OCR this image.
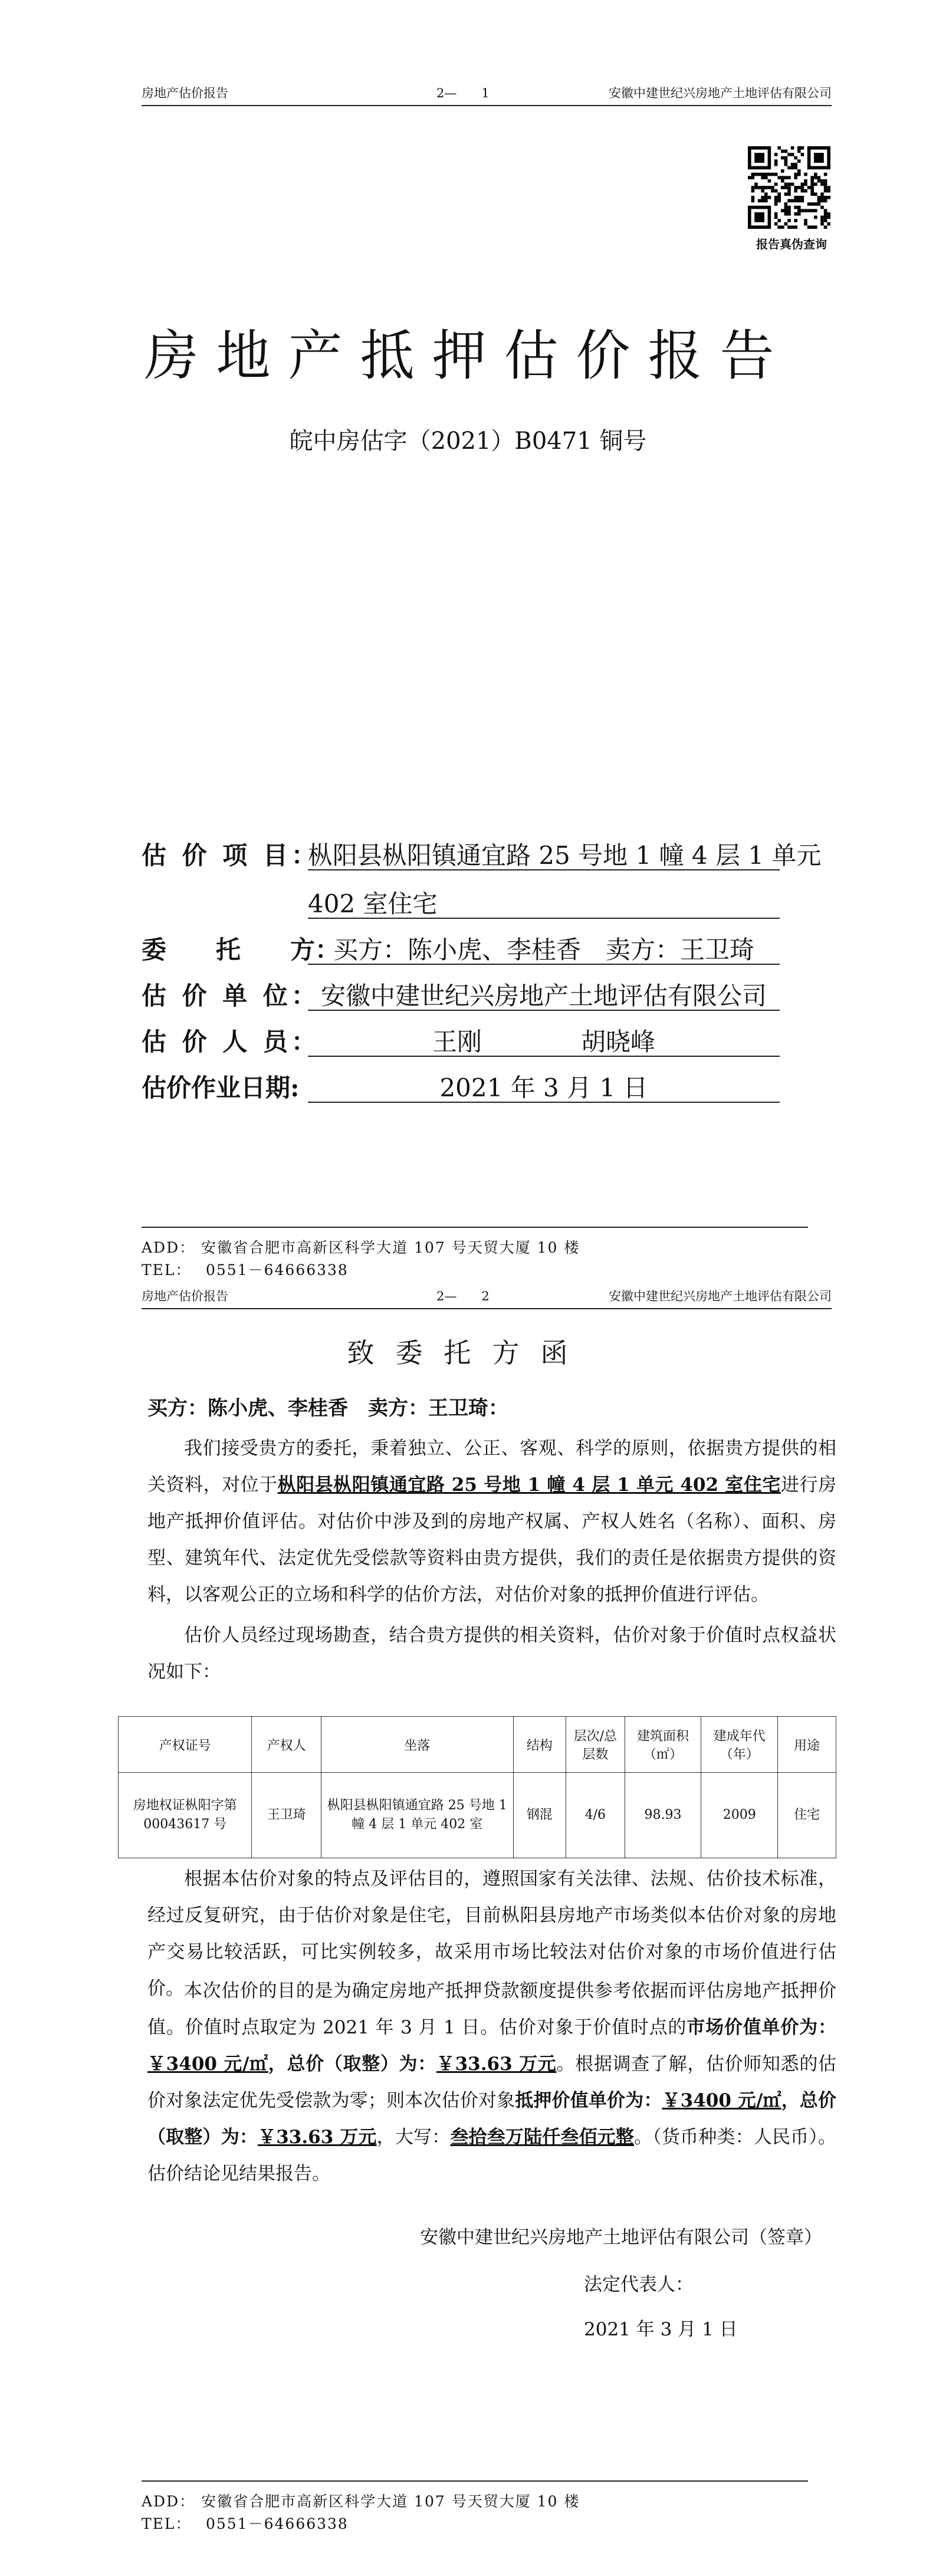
房地产估价报告	2—　　1	安徽中建世纪兴房地产土地评估有限公司
报告真伪查询
房地产抵押估价报告
皖中房估字（2021）B0471 铜号
估 价 项 目：
枞阳县枞阳镇通宜路 25 号地 1 幢 4 层 1 单元
402 室住宅
委　　托　　方：
买方：陈小虎、李桂香　卖方：王卫琦
估 价 单 位： 安徽中建世纪兴房地产土地评估有限公司
估 价 人 员：	王刚　　　　胡晓峰
估价作业日期:	2021 年 3 月 1 日
ADD： 安徽省合肥市高新区科学大道 107 号天贸大厦 10 楼
TEL：　 0551－64666338
房地产估价报告	2—　　2	安徽中建世纪兴房地产土地评估有限公司
致委托方函
买方：陈小虎、李桂香　卖方：王卫琦：
我们接受贵方的委托，秉着独立、公正、客观、科学的原则，依据贵方提供的相关资料，对位于枞阳县枞阳镇通宜路 25 号地 1 幢 4 层 1 单元 402 室住宅进行房地产抵押价值评估。对估价中涉及到的房地产权属、产权人姓名（名称）、面积、房型、建筑年代、法定优先受偿款等资料由贵方提供，我们的责任是依据贵方提供的资料，以客观公正的立场和科学的估价方法，对估价对象的抵押价值进行评估。
估价人员经过现场勘查，结合贵方提供的相关资料，估价对象于价值时点权益状况如下：
产权证号	产权人	坐落	结构	层次/总层数	建筑面积（㎡）	建成年代（年）	用途
房地权证枞阳字第 00043617 号	王卫琦	枞阳县枞阳镇通宜路 25 号地 1 幢 4 层 1 单元 402 室	钢混	4/6	98.93	2009	住宅
根据本估价对象的特点及评估目的，遵照国家有关法律、法规、估价技术标准，经过反复研究，由于估价对象是住宅，目前枞阳县房地产市场类似本估价对象的房地产交易比较活跃，可比实例较多，故采用市场比较法对估价对象的市场价值进行估价。 本次估价的目的是为确定房地产抵押贷款额度提供参考依据而评估房地产抵押价值。价值时点取定为 2021 年 3 月 1 日。估价对象于价值时点的市场价值单价为：￥3400 元/㎡，总价（取整）为：￥33.63 万元。根据调查了解，估价师知悉的估价对象法定优先受偿款为零；则本次估价对象抵押价值单价为：￥3400 元/㎡，总价（取整）为：￥33.63 万元，大写：叁拾叁万陆仟叁佰元整。（货币种类：人民币）。估价结论见结果报告。
安徽中建世纪兴房地产土地评估有限公司（签章）
法定代表人：
2021 年 3 月 1 日
ADD： 安徽省合肥市高新区科学大道 107 号天贸大厦 10 楼
TEL：　 0551－64666338
